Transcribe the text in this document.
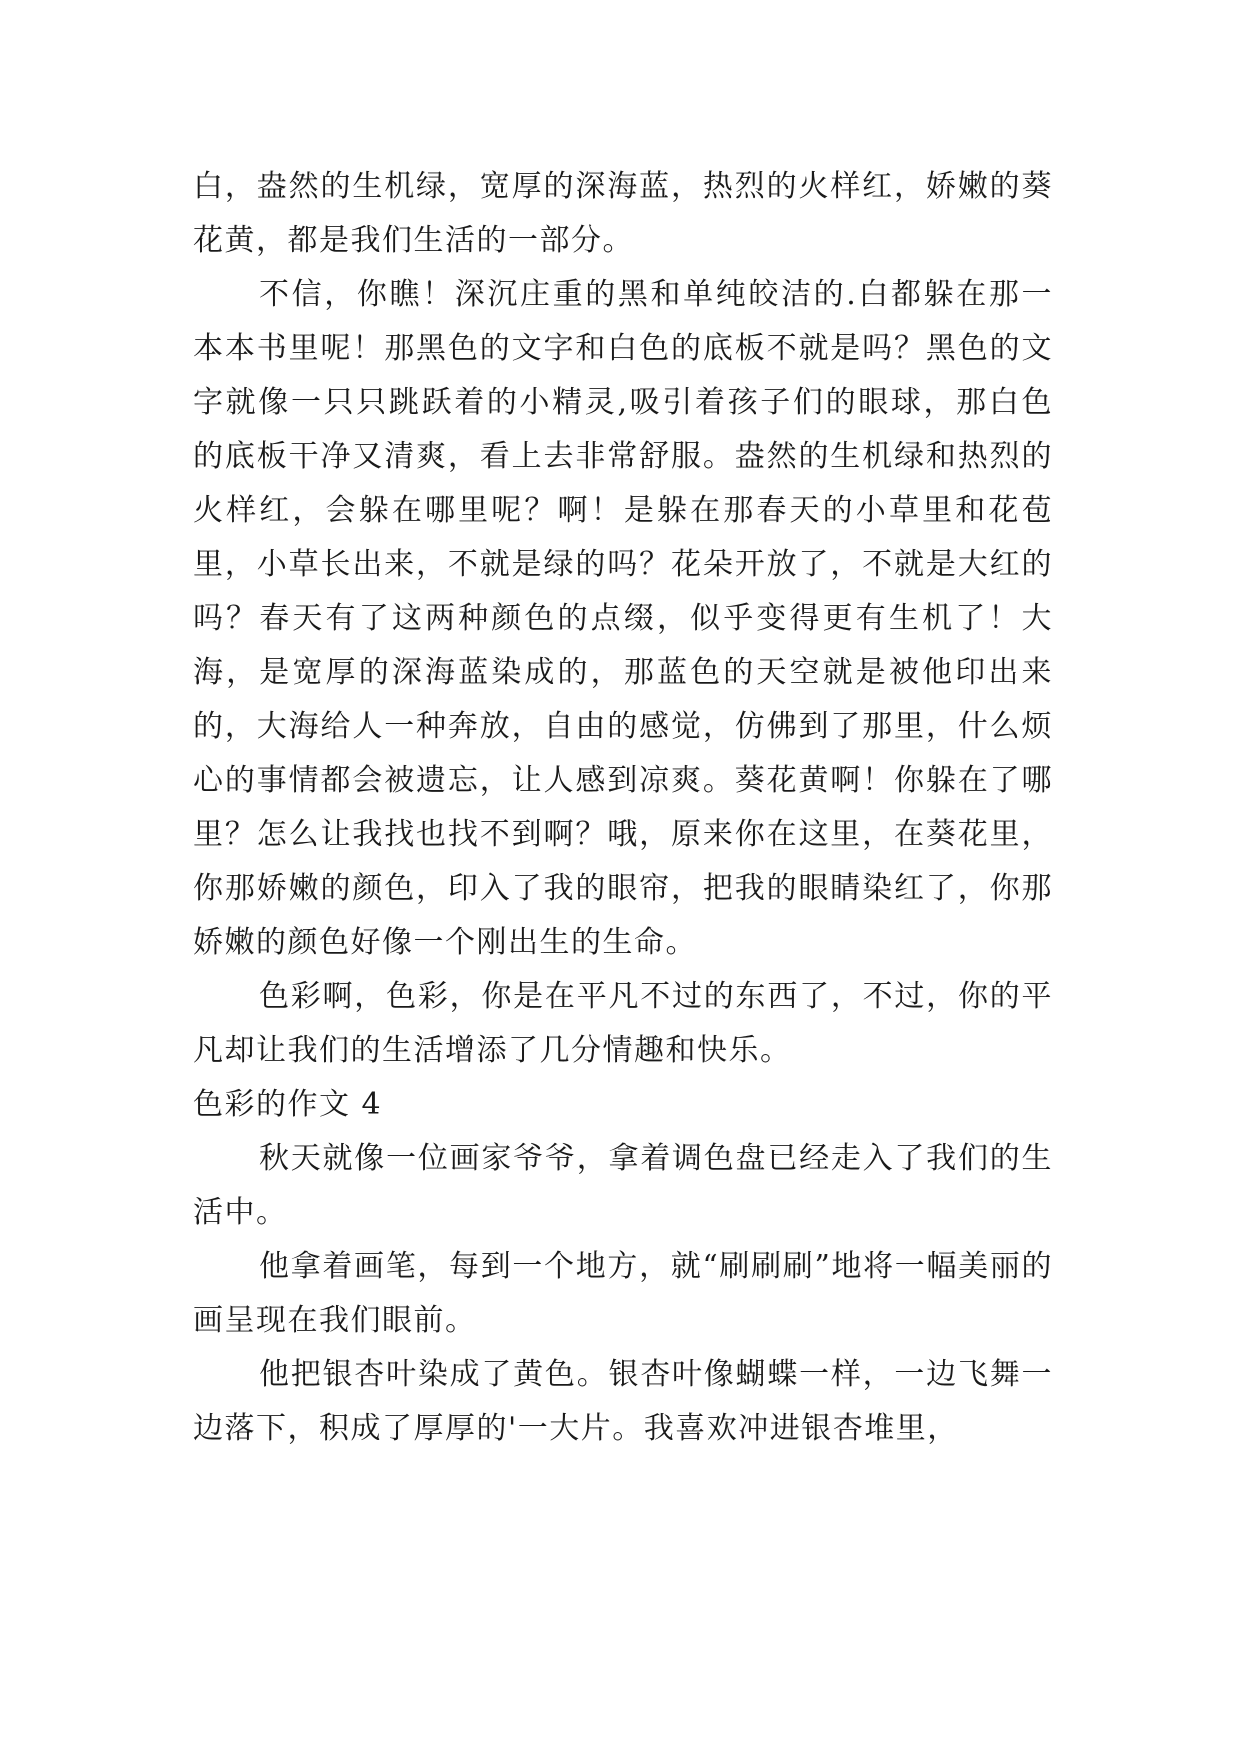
白，盎然的生机绿，宽厚的深海蓝，热烈的火样红，娇嫩的葵花黄，都是我们生活的一部分。

不信，你瞧！深沉庄重的黑和单纯皎洁的.白都躲在那一本本书里呢！那黑色的文字和白色的底板不就是吗？黑色的文字就像一只只跳跃着的小精灵,吸引着孩子们的眼球，那白色的底板干净又清爽，看上去非常舒服。盎然的生机绿和热烈的火样红，会躲在哪里呢？啊！是躲在那春天的小草里和花苞里，小草长出来，不就是绿的吗？花朵开放了，不就是大红的吗？春天有了这两种颜色的点缀，似乎变得更有生机了！大海，是宽厚的深海蓝染成的，那蓝色的天空就是被他印出来的，大海给人一种奔放，自由的感觉，仿佛到了那里，什么烦心的事情都会被遗忘，让人感到凉爽。葵花黄啊！你躲在了哪里？怎么让我找也找不到啊？哦，原来你在这里，在葵花里，你那娇嫩的颜色，印入了我的眼帘，把我的眼睛染红了，你那娇嫩的颜色好像一个刚出生的生命。

色彩啊，色彩，你是在平凡不过的东西了，不过，你的平凡却让我们的生活增添了几分情趣和快乐。

色彩的作文 4

秋天就像一位画家爷爷，拿着调色盘已经走入了我们的生活中。

他拿着画笔，每到一个地方，就“刷刷刷”地将一幅美丽的画呈现在我们眼前。

他把银杏叶染成了黄色。银杏叶像蝴蝶一样，一边飞舞一边落下，积成了厚厚的'一大片。我喜欢冲进银杏堆里，
